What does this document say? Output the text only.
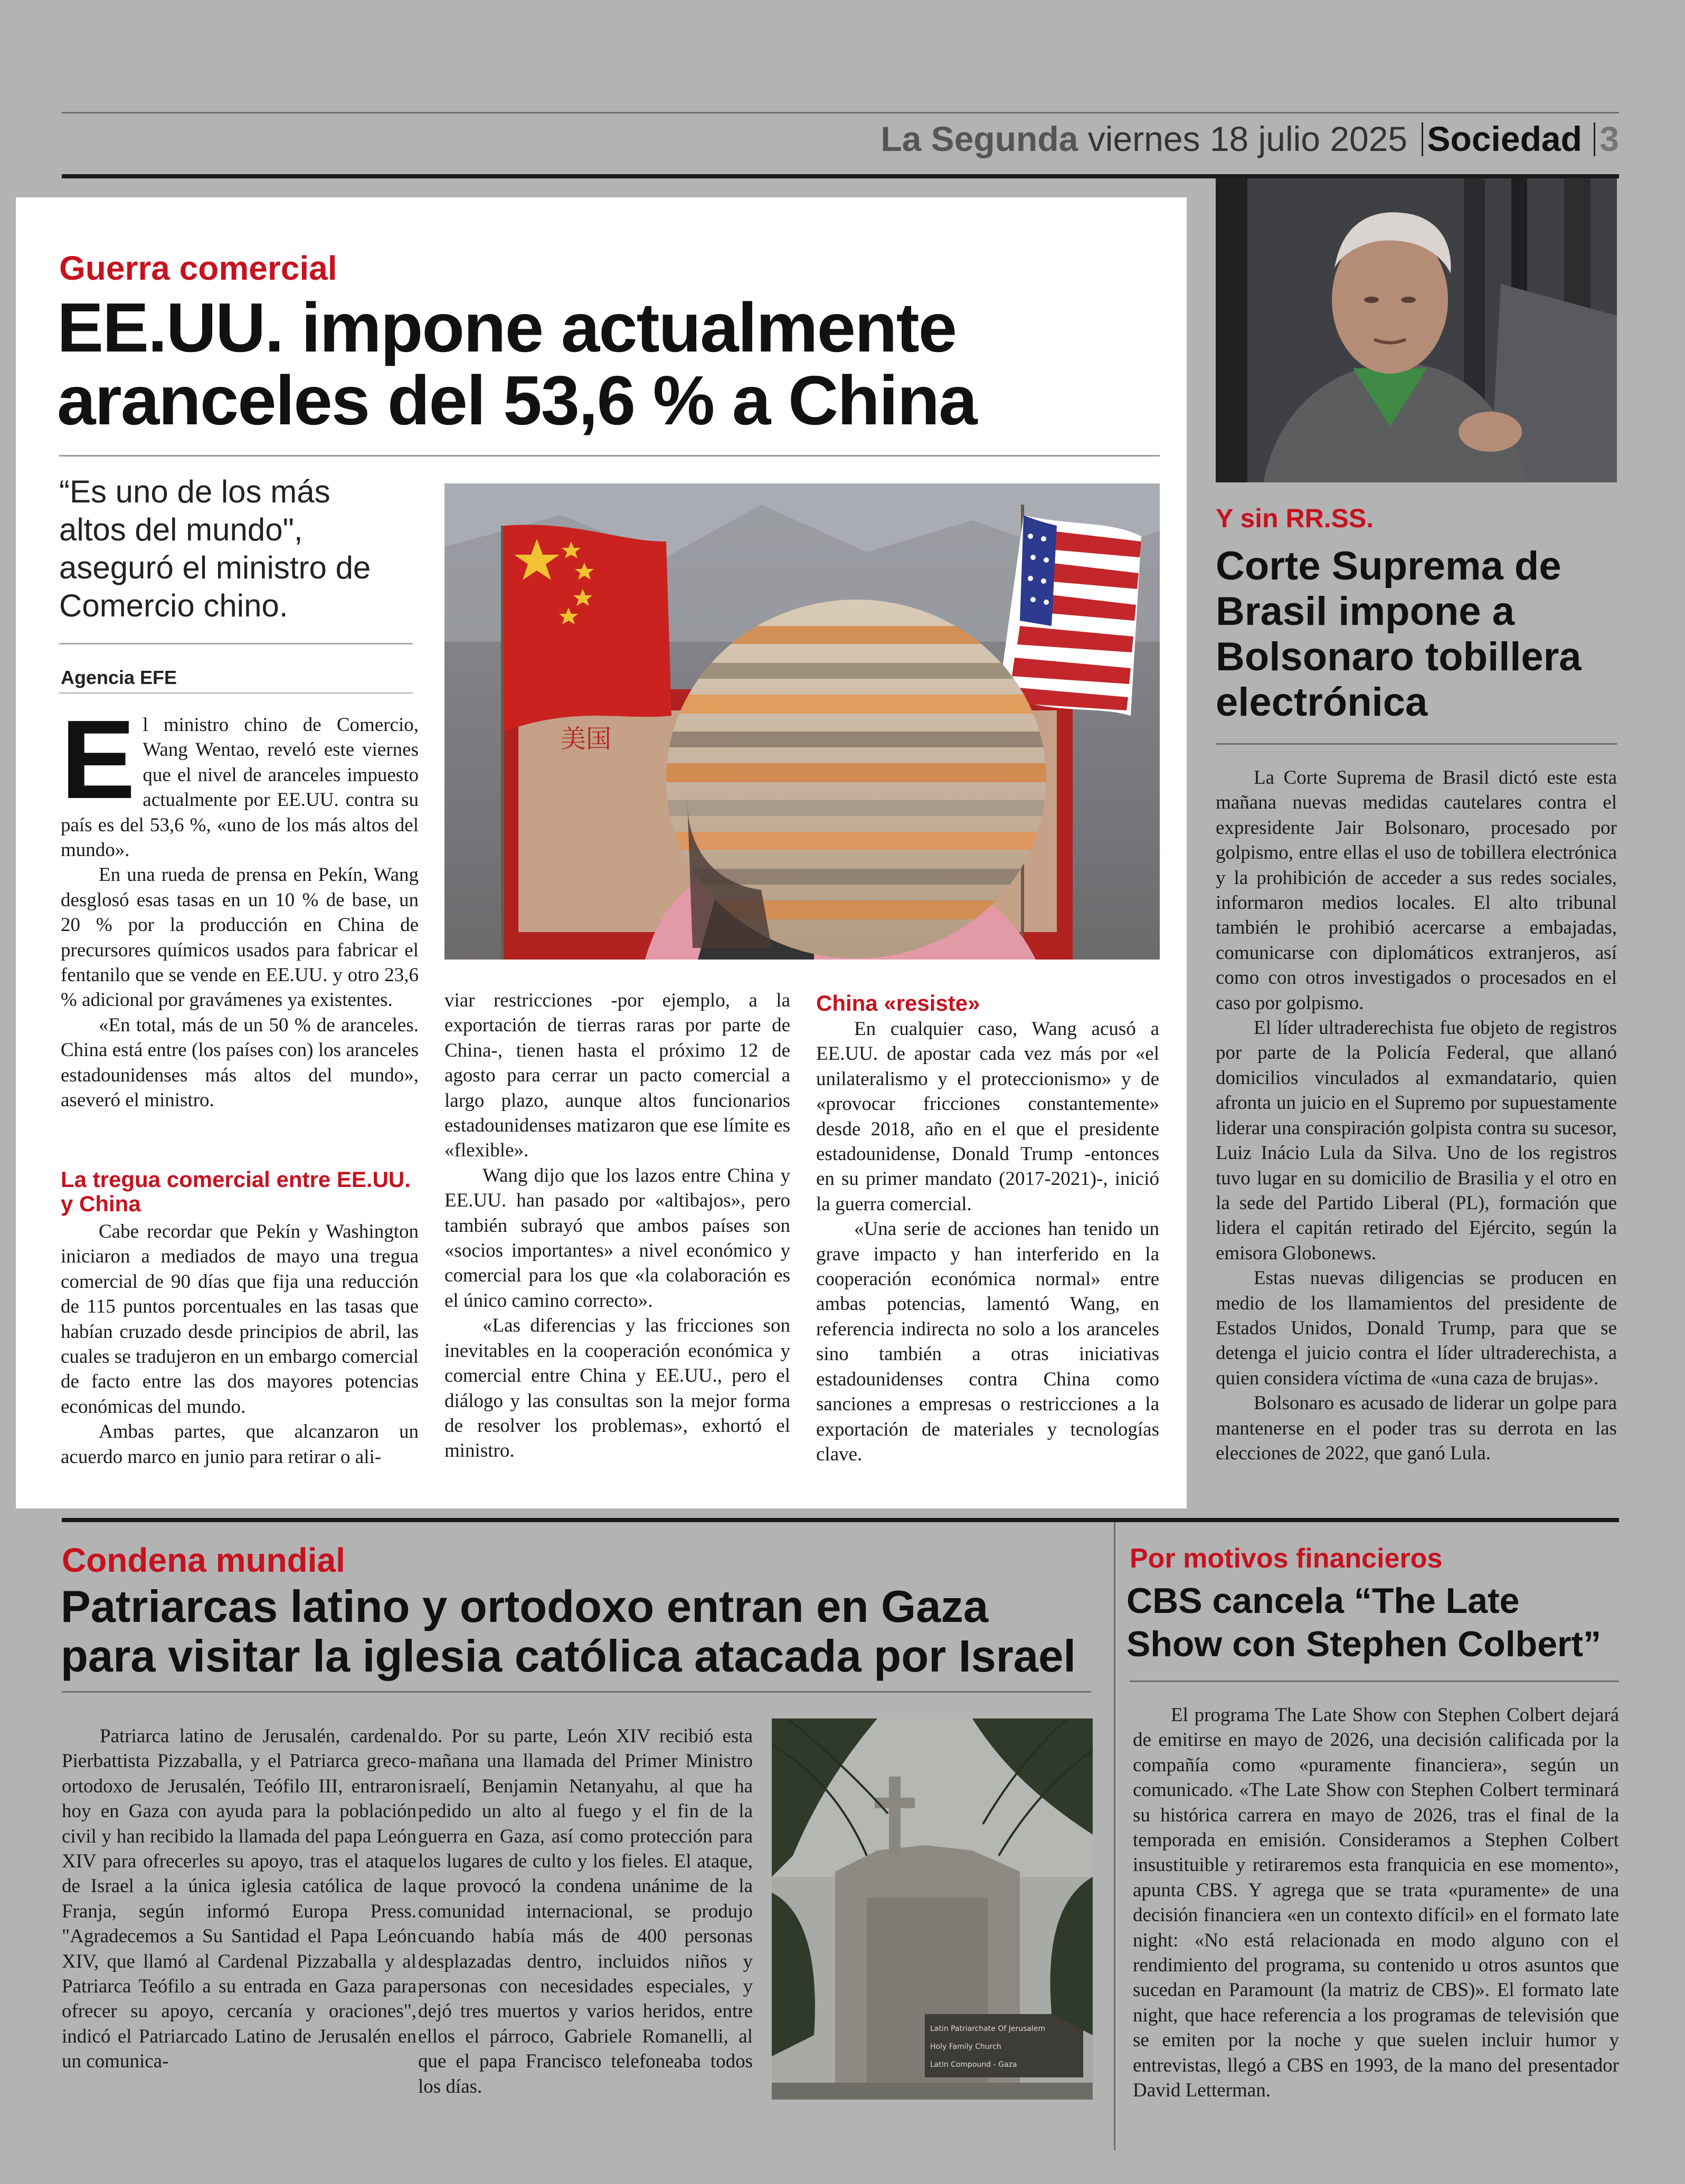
La Segunda viernes 18 julio 2025 Sociedad 3
Guerra comercial
EE.UU. impone actualmente aranceles del 53,6 % a China
“Es uno de los más altos del mundo", aseguró el ministro de Comercio chino.
Agencia EFE
美国
E l ministro chino de Comercio, Wang Wentao, reveló este viernes que el nivel de aranceles impuesto actualmente por EE.UU. contra su país es del 53,6 %, «uno de los más altos del mundo».

En una rueda de prensa en Pekín, Wang desglosó esas tasas en un 10 % de base, un 20 % por la producción en China de precursores químicos usados para fabricar el fentanilo que se vende en EE.UU. y otro 23,6 % adicional por gravámenes ya existentes.

«En total, más de un 50 % de aranceles. China está entre (los países con) los aranceles estadounidenses más altos del mundo», aseveró el ministro.

La tregua comercial entre EE.UU. y China

Cabe recordar que Pekín y Washington iniciaron a mediados de mayo una tregua comercial de 90 días que fija una reducción de 115 puntos porcentuales en las tasas que habían cruzado desde principios de abril, las cuales se tradujeron en un embargo comercial de facto entre las dos mayores potencias económicas del mundo.

Ambas partes, que alcanzaron un acuerdo marco en junio para retirar o ali-

viar restricciones -por ejemplo, a la exportación de tierras raras por parte de China-, tienen hasta el próximo 12 de agosto para cerrar un pacto comercial a largo plazo, aunque altos funcionarios estadounidenses matizaron que ese límite es «flexible».

Wang dijo que los lazos entre China y EE.UU. han pasado por «altibajos», pero también subrayó que ambos países son «socios importantes» a nivel económico y comercial para los que «la colaboración es el único camino correcto».

«Las diferencias y las fricciones son inevitables en la cooperación económica y comercial entre China y EE.UU., pero el diálogo y las consultas son la mejor forma de resolver los problemas», exhortó el ministro.

China «resiste»

En cualquier caso, Wang acusó a EE.UU. de apostar cada vez más por «el unilateralismo y el proteccionismo» y de «provocar fricciones constantemente» desde 2018, año en el que el presidente estadounidense, Donald Trump -entonces en su primer mandato (2017-2021)-, inició la guerra comercial.

«Una serie de acciones han tenido un grave impacto y han interferido en la cooperación económica normal» entre ambas potencias, lamentó Wang, en referencia indirecta no solo a los aranceles sino también a otras iniciativas estadounidenses contra China como sanciones a empresas o restricciones a la exportación de materiales y tecnologías clave.

Y sin RR.SS.
Corte Suprema de Brasil impone a Bolsonaro tobillera electrónica

La Corte Suprema de Brasil dictó este esta mañana nuevas medidas cautelares contra el expresidente Jair Bolsonaro, procesado por golpismo, entre ellas el uso de tobillera electrónica y la prohibición de acceder a sus redes sociales, informaron medios locales. El alto tribunal también le prohibió acercarse a embajadas, comunicarse con diplomáticos extranjeros, así como con otros investigados o procesados en el caso por golpismo.

El líder ultraderechista fue objeto de registros por parte de la Policía Federal, que allanó domicilios vinculados al exmandatario, quien afronta un juicio en el Supremo por supuestamente liderar una conspiración golpista contra su sucesor, Luiz Inácio Lula da Silva. Uno de los registros tuvo lugar en su domicilio de Brasilia y el otro en la sede del Partido Liberal (PL), formación que lidera el capitán retirado del Ejército, según la emisora Globonews.

Estas nuevas diligencias se producen en medio de los llamamientos del presidente de Estados Unidos, Donald Trump, para que se detenga el juicio contra el líder ultraderechista, a quien considera víctima de «una caza de brujas».

Bolsonaro es acusado de liderar un golpe para mantenerse en el poder tras su derrota en las elecciones de 2022, que ganó Lula.

Condena mundial
Patriarcas latino y ortodoxo entran en Gaza para visitar la iglesia católica atacada por Israel

Patriarca latino de Jerusalén, cardenal Pierbattista Pizzaballa, y el Patriarca greco-ortodoxo de Jerusalén, Teófilo III, entraron hoy en Gaza con ayuda para la población civil y han recibido la llamada del papa León XIV para ofrecerles su apoyo, tras el ataque de Israel a la única iglesia católica de la Franja, según informó Europa Press. "Agradecemos a Su Santidad el Papa León XIV, que llamó al Cardenal Pizzaballa y al Patriarca Teófilo a su entrada en Gaza para ofrecer su apoyo, cercanía y oraciones", indicó el Patriarcado Latino de Jerusalén en un comunica-

do. Por su parte, León XIV recibió esta mañana una llamada del Primer Ministro israelí, Benjamin Netanyahu, al que ha pedido un alto al fuego y el fin de la guerra en Gaza, así como protección para los lugares de culto y los fieles. El ataque, que provocó la condena unánime de la comunidad internacional, se produjo cuando había más de 400 personas desplazadas dentro, incluidos niños y personas con necesidades especiales, y dejó tres muertos y varios heridos, entre ellos el párroco, Gabriele Romanelli, al que el papa Francisco telefoneaba todos los días.

Latin Patriarchate Of Jerusalem
Holy Family Church
Latin Compound - Gaza
Por motivos financieros
CBS cancela “The Late Show con Stephen Colbert”

El programa The Late Show con Stephen Colbert dejará de emitirse en mayo de 2026, una decisión calificada por la compañía como «puramente financiera», según un comunicado. «The Late Show con Stephen Colbert terminará su histórica carrera en mayo de 2026, tras el final de la temporada en emisión. Consideramos a Stephen Colbert insustituible y retiraremos esta franquicia en ese momento», apunta CBS. Y agrega que se trata «puramente» de una decisión financiera «en un contexto difícil» en el formato late night: «No está relacionada en modo alguno con el rendimiento del programa, su contenido u otros asuntos que sucedan en Paramount (la matriz de CBS)». El formato late night, que hace referencia a los programas de televisión que se emiten por la noche y que suelen incluir humor y entrevistas, llegó a CBS en 1993, de la mano del presentador David Letterman.
